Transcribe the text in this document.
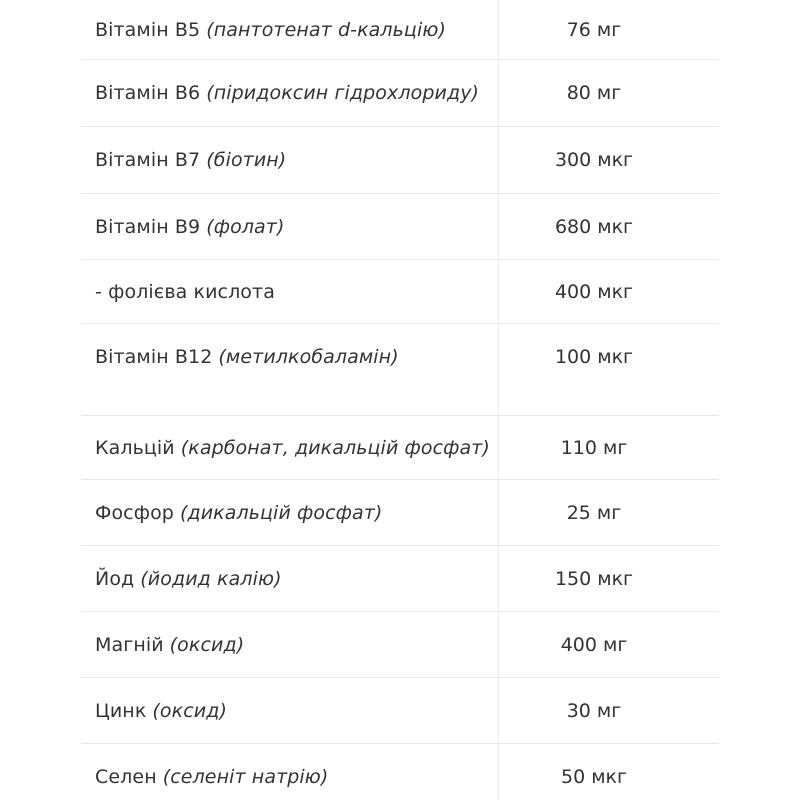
Вітамін B5 (пантотенат d-кальцію)	76 мг
Вітамін B6 (піридоксин гідрохлориду)	80 мг
Вітамін B7 (біотин)	300 мкг
Вітамін B9 (фолат)	680 мкг
- фолієва кислота	400 мкг
Вітамін B12 (метилкобаламін)	100 мкг
Кальцій (карбонат, дикальцій фосфат)	110 мг
Фосфор (дикальцій фосфат)	25 мг
Йод (йодид калію)	150 мкг
Магній (оксид)	400 мг
Цинк (оксид)	30 мг
Селен (селеніт натрію)	50 мкг
